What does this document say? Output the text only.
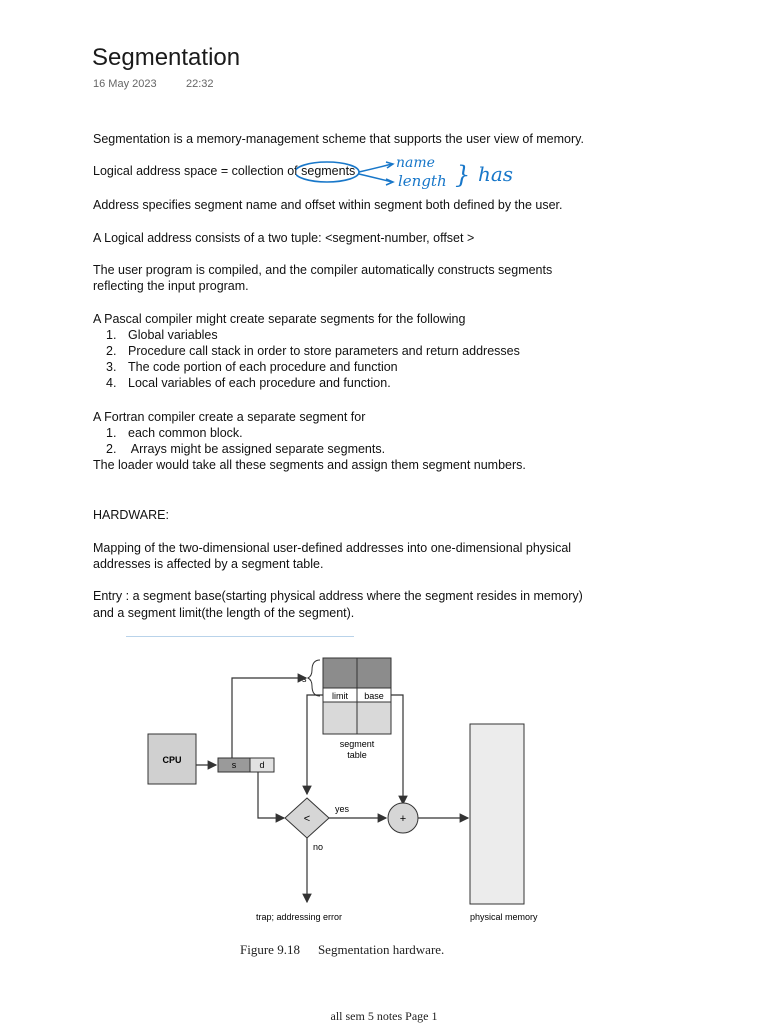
Segmentation
16 May 2023	22:32
Segmentation is a memory-management scheme that supports the user view of memory.
Logical address space = collection of segments	name
length } has
Address specifies segment name and offset within segment both defined by the user.
A Logical address consists of a two tuple: <segment-number, offset >
The user program is compiled, and the compiler automatically constructs segments
reflecting the input program.
A Pascal compiler might create separate segments for the following
1. Global variables
2. Procedure call stack in order to store parameters and return addresses
3. The code portion of each procedure and function
4. Local variables of each procedure and function.
A Fortran compiler create a separate segment for
1. each common block.
2. Arrays might be assigned separate segments.
The loader would take all these segments and assign them segment numbers.
HARDWARE:
Mapping of the two-dimensional user-defined addresses into one-dimensional physical
addresses is affected by a segment table.
Entry : a segment base(starting physical address where the segment resides in memory)
and a segment limit(the length of the segment).
limit base
s
segment
table
CPU	s	d
<
yes
+
no
trap; addressing error	physical memory
Figure 9.18 Segmentation hardware.
all sem 5 notes Page 1
